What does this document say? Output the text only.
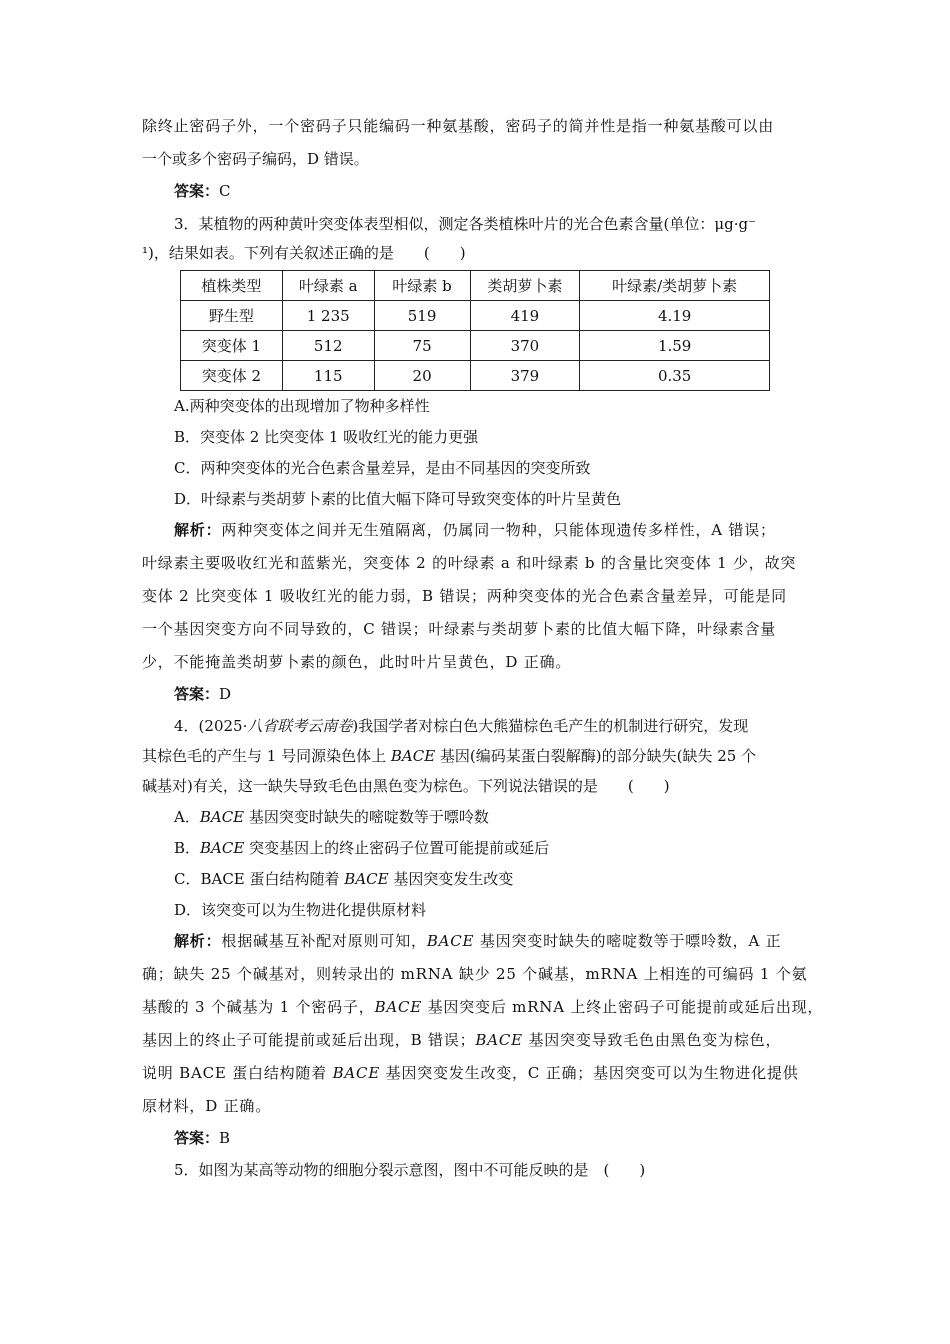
除终止密码子外，一个密码子只能编码一种氨基酸，密码子的简并性是指一种氨基酸可以由
一个或多个密码子编码，D 错误。
答案：C
3．某植物的两种黄叶突变体表型相似，测定各类植株叶片的光合色素含量(单位：μg·g⁻
¹)，结果如表。下列有关叙述正确的是　　(　　)
植株类型	叶绿素 a	叶绿素 b	类胡萝卜素	叶绿素/类胡萝卜素
野生型	1 235	519	419	4.19
突变体 1	512	75	370	1.59
突变体 2	115	20	379	0.35
A.两种突变体的出现增加了物种多样性
B．突变体 2 比突变体 1 吸收红光的能力更强
C．两种突变体的光合色素含量差异，是由不同基因的突变所致
D．叶绿素与类胡萝卜素的比值大幅下降可导致突变体的叶片呈黄色
解析：两种突变体之间并无生殖隔离，仍属同一物种，只能体现遗传多样性，A 错误；
叶绿素主要吸收红光和蓝紫光，突变体 2 的叶绿素 a 和叶绿素 b 的含量比突变体 1 少，故突
变体 2 比突变体 1 吸收红光的能力弱，B 错误；两种突变体的光合色素含量差异，可能是同
一个基因突变方向不同导致的，C 错误；叶绿素与类胡萝卜素的比值大幅下降，叶绿素含量
少，不能掩盖类胡萝卜素的颜色，此时叶片呈黄色，D 正确。
答案：D
4．(2025·八省联考云南卷)我国学者对棕白色大熊猫棕色毛产生的机制进行研究，发现
其棕色毛的产生与 1 号同源染色体上 BACE 基因(编码某蛋白裂解酶)的部分缺失(缺失 25 个
碱基对)有关，这一缺失导致毛色由黑色变为棕色。下列说法错误的是　　(　　)
A．BACE 基因突变时缺失的嘧啶数等于嘌呤数
B．BACE 突变基因上的终止密码子位置可能提前或延后
C．BACE 蛋白结构随着 BACE 基因突变发生改变
D．该突变可以为生物进化提供原材料
解析：根据碱基互补配对原则可知，BACE 基因突变时缺失的嘧啶数等于嘌呤数，A 正
确；缺失 25 个碱基对，则转录出的 mRNA 缺少 25 个碱基，mRNA 上相连的可编码 1 个氨
基酸的 3 个碱基为 1 个密码子，BACE 基因突变后 mRNA 上终止密码子可能提前或延后出现，
基因上的终止子可能提前或延后出现，B 错误；BACE 基因突变导致毛色由黑色变为棕色，
说明 BACE 蛋白结构随着 BACE 基因突变发生改变，C 正确；基因突变可以为生物进化提供
原材料，D 正确。
答案：B
5．如图为某高等动物的细胞分裂示意图，图中不可能反映的是　(　　)
